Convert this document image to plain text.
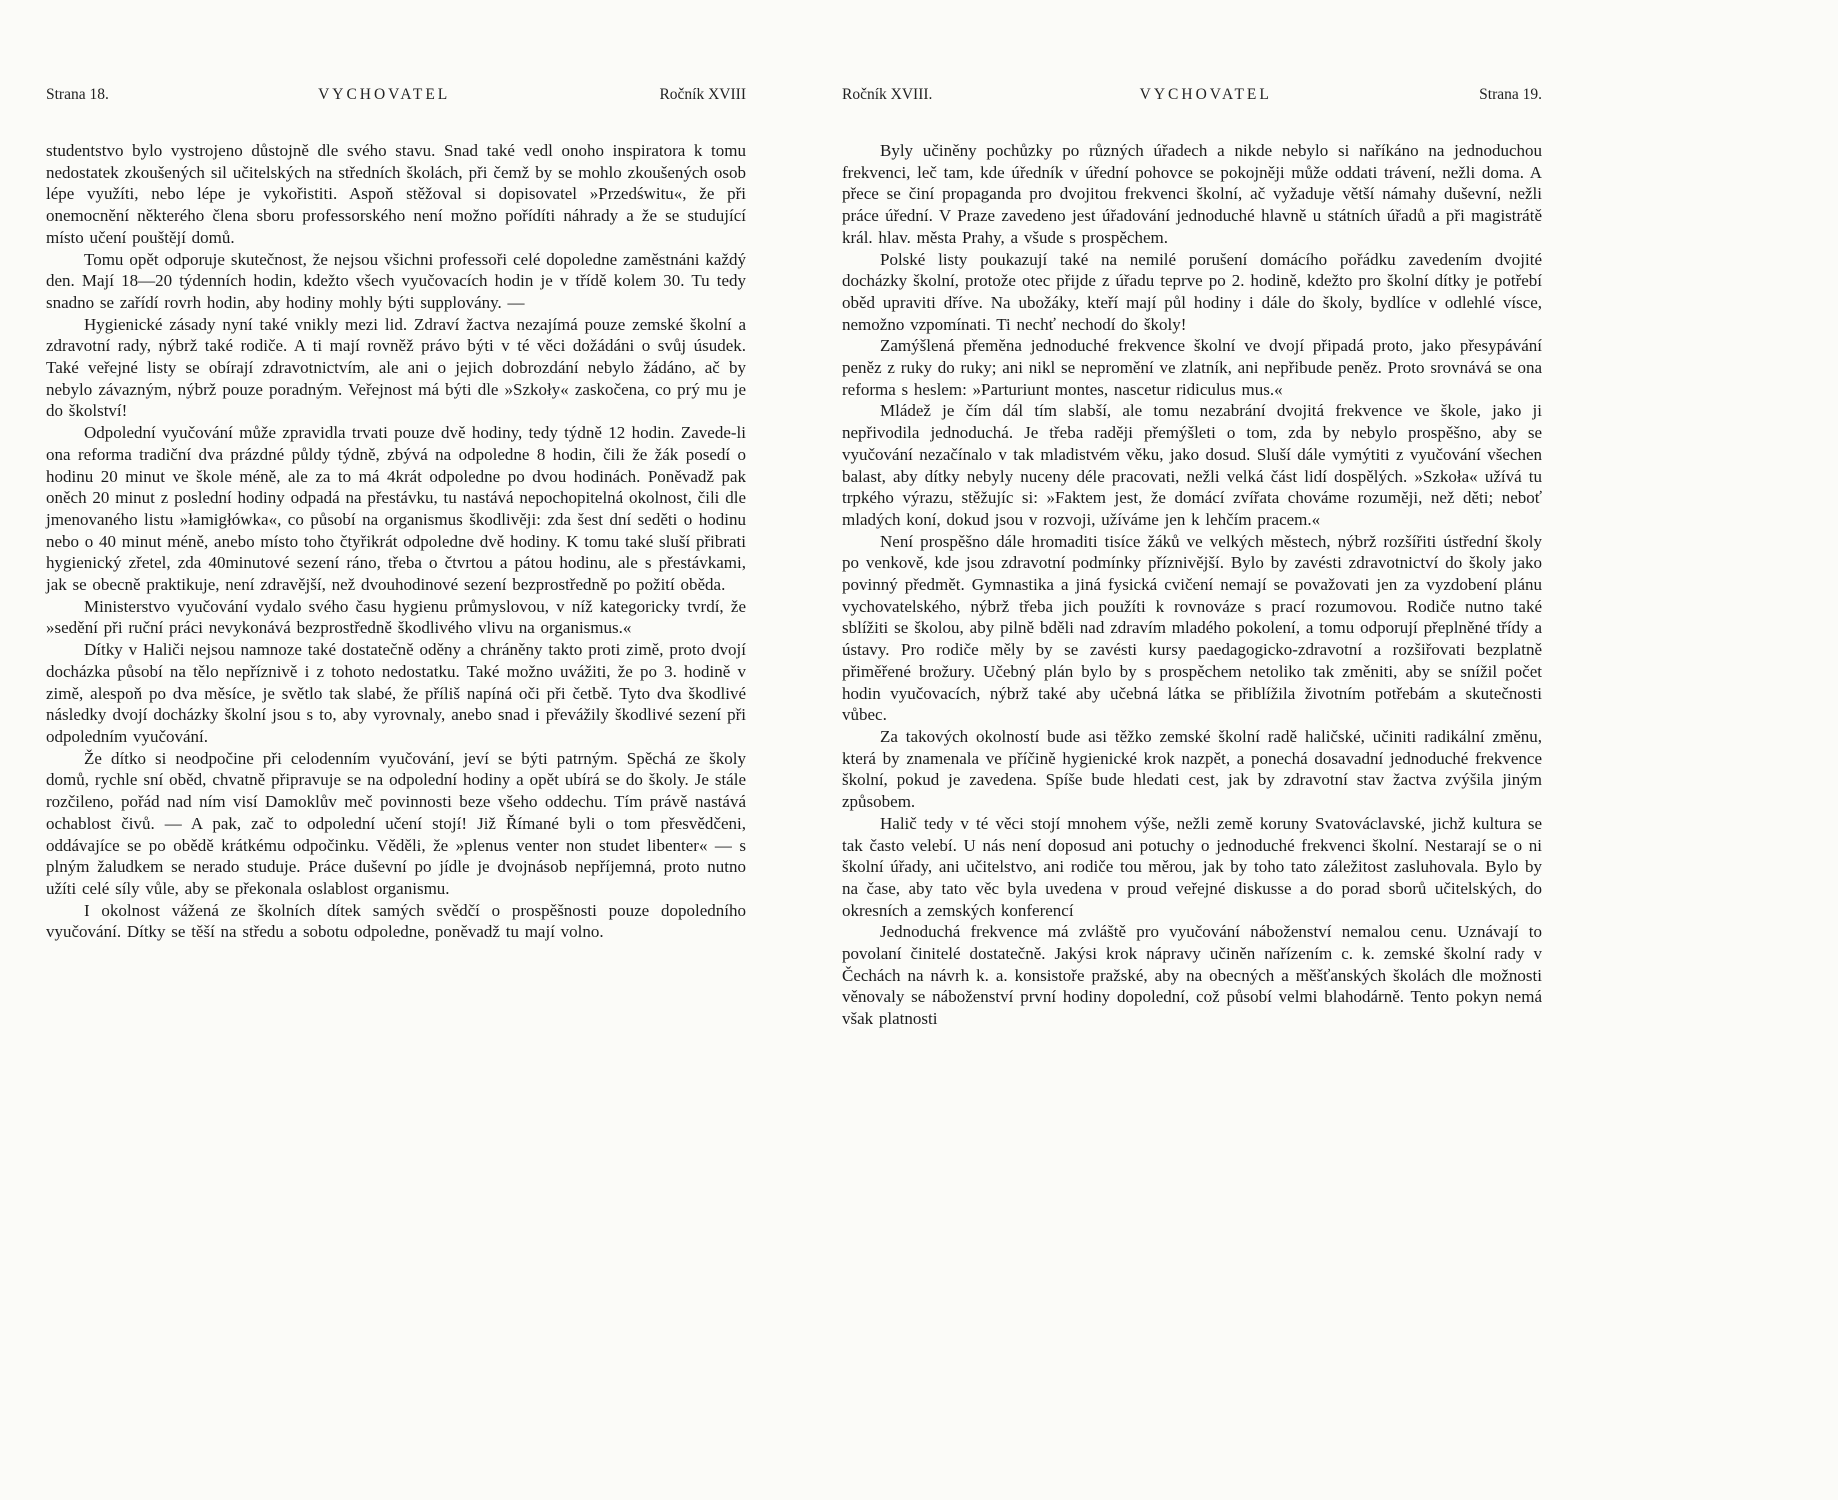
Strana 18.	VYCHOVATEL	Ročník XVIII

studentstvo bylo vystrojeno důstojně dle svého stavu. Snad také vedl onoho inspiratora k tomu nedostatek zkoušených sil učitelských na středních školách, při čemž by se mohlo zkoušených osob lépe využíti, nebo lépe je vykořistiti. Aspoň stěžoval si dopisovatel »Przedświtu«, že při onemocnění některého člena sboru professorského není možno pořídíti náhrady a že se studující místo učení pouštějí domů.

Tomu opět odporuje skutečnost, že nejsou všichni professoři celé dopoledne zaměstnáni každý den. Mají 18—20 týdenních hodin, kdežto všech vyučovacích hodin je v třídě kolem 30. Tu tedy snadno se zařídí rovrh hodin, aby hodiny mohly býti supplovány. —

Hygienické zásady nyní také vnikly mezi lid. Zdraví žactva nezajímá pouze zemské školní a zdravotní rady, nýbrž také rodiče. A ti mají rovněž právo býti v té věci dožádáni o svůj úsudek. Také veřejné listy se obírají zdravotnictvím, ale ani o jejich dobrozdání nebylo žádáno, ač by nebylo závazným, nýbrž pouze poradným. Veřejnost má býti dle »Szkoły« zaskočena, co prý mu je do školství!

Odpolední vyučování může zpravidla trvati pouze dvě hodiny, tedy týdně 12 hodin. Zavede-li ona reforma tradiční dva prázdné půldy týdně, zbývá na odpoledne 8 hodin, čili že žák posedí o hodinu 20 minut ve škole méně, ale za to má 4krát odpoledne po dvou hodinách. Poněvadž pak oněch 20 minut z poslední hodiny odpadá na přestávku, tu nastává nepochopitelná okolnost, čili dle jmenovaného listu »łamigłówka«, co působí na organismus škodlivěji: zda šest dní seděti o hodinu nebo o 40 minut méně, anebo místo toho čtyřikrát odpoledne dvě hodiny. K tomu také sluší přibrati hygienický zřetel, zda 40minutové sezení ráno, třeba o čtvrtou a pátou hodinu, ale s přestávkami, jak se obecně praktikuje, není zdravější, než dvouhodinové sezení bezprostředně po požití oběda.

Ministerstvo vyučování vydalo svého času hygienu průmyslovou, v níž kategoricky tvrdí, že »sedění při ruční práci nevykonává bezprostředně škodlivého vlivu na organismus.«

Dítky v Haliči nejsou namnoze také dostatečně oděny a chráněny takto proti zimě, proto dvojí docházka působí na tělo nepříznivě i z tohoto nedostatku. Také možno uvážiti, že po 3. hodině v zimě, alespoň po dva měsíce, je světlo tak slabé, že příliš napíná oči při četbě. Tyto dva škodlivé následky dvojí docházky školní jsou s to, aby vyrovnaly, anebo snad i převážily škodlivé sezení při odpoledním vyučování.

Že dítko si neodpočine při celodenním vyučování, jeví se býti patrným. Spěchá ze školy domů, rychle sní oběd, chvatně připravuje se na odpolední hodiny a opět ubírá se do školy. Je stále rozčileno, pořád nad ním visí Damoklův meč povinnosti beze všeho oddechu. Tím právě nastává ochablost čivů. — A pak, zač to odpolední učení stojí! Již Římané byli o tom přesvědčeni, oddávajíce se po obědě krátkému odpočinku. Věděli, že »plenus venter non studet libenter« — s plným žaludkem se nerado studuje. Práce duševní po jídle je dvojnásob nepříjemná, proto nutno užíti celé síly vůle, aby se překonala oslablost organismu.

I okolnost vážená ze školních dítek samých svědčí o prospěšnosti pouze dopoledního vyučování. Dítky se těší na středu a sobotu odpoledne, poněvadž tu mají volno.

Ročník XVIII.	VYCHOVATEL	Strana 19.

Byly učiněny pochůzky po různých úřadech a nikde nebylo si naříkáno na jednoduchou frekvenci, leč tam, kde úředník v úřední pohovce se pokojněji může oddati trávení, nežli doma. A přece se činí propaganda pro dvojitou frekvenci školní, ač vyžaduje větší námahy duševní, nežli práce úřední. V Praze zavedeno jest úřadování jednoduché hlavně u státních úřadů a při magistrátě král. hlav. města Prahy, a všude s prospěchem.

Polské listy poukazují také na nemilé porušení domácího pořádku zavedením dvojité docházky školní, protože otec přijde z úřadu teprve po 2. hodině, kdežto pro školní dítky je potřebí oběd upraviti dříve. Na ubožáky, kteří mají půl hodiny i dále do školy, bydlíce v odlehlé vísce, nemožno vzpomínati. Ti nechť nechodí do školy!

Zamýšlená přeměna jednoduché frekvence školní ve dvojí připadá proto, jako přesypávání peněz z ruky do ruky; ani nikl se nepromění ve zlatník, ani nepřibude peněz. Proto srovnává se ona reforma s heslem: »Parturiunt montes, nascetur ridiculus mus.«

Mládež je čím dál tím slabší, ale tomu nezabrání dvojitá frekvence ve škole, jako ji nepřivodila jednoduchá. Je třeba raději přemýšleti o tom, zda by nebylo prospěšno, aby se vyučování nezačínalo v tak mladistvém věku, jako dosud. Sluší dále vymýtiti z vyučování všechen balast, aby dítky nebyly nuceny déle pracovati, nežli velká část lidí dospělých. »Szkoła« užívá tu trpkého výrazu, stěžujíc si: »Faktem jest, že domácí zvířata chováme rozuměji, než děti; neboť mladých koní, dokud jsou v rozvoji, užíváme jen k lehčím pracem.«

Není prospěšno dále hromaditi tisíce žáků ve velkých městech, nýbrž rozšířiti ústřední školy po venkově, kde jsou zdravotní podmínky příznivější. Bylo by zavésti zdravotnictví do školy jako povinný předmět. Gymnastika a jiná fysická cvičení nemají se považovati jen za vyzdobení plánu vychovatelského, nýbrž třeba jich použíti k rovnováze s prací rozumovou. Rodiče nutno také sblížiti se školou, aby pilně bděli nad zdravím mladého pokolení, a tomu odporují přeplněné třídy a ústavy. Pro rodiče měly by se zavésti kursy paedagogicko-zdravotní a rozšiřovati bezplatně přiměřené brožury. Učebný plán bylo by s prospěchem netoliko tak změniti, aby se snížil počet hodin vyučovacích, nýbrž také aby učebná látka se přiblížila životním potřebám a skutečnosti vůbec.

Za takových okolností bude asi těžko zemské školní radě haličské, učiniti radikální změnu, která by znamenala ve příčině hygienické krok nazpět, a ponechá dosavadní jednoduché frekvence školní, pokud je zavedena. Spíše bude hledati cest, jak by zdravotní stav žactva zvýšila jiným způsobem.

Halič tedy v té věci stojí mnohem výše, nežli země koruny Svatováclavské, jichž kultura se tak často velebí. U nás není doposud ani potuchy o jednoduché frekvenci školní. Nestarají se o ni školní úřady, ani učitelstvo, ani rodiče tou měrou, jak by toho tato záležitost zasluhovala. Bylo by na čase, aby tato věc byla uvedena v proud veřejné diskusse a do porad sborů učitelských, do okresních a zemských konferencí

Jednoduchá frekvence má zvláště pro vyučování náboženství nemalou cenu. Uznávají to povolaní činitelé dostatečně. Jakýsi krok nápravy učiněn nařízením c. k. zemské školní rady v Čechách na návrh k. a. konsistoře pražské, aby na obecných a měšťanských školách dle možnosti věnovaly se náboženství první hodiny dopolední, což působí velmi blahodárně. Tento pokyn nemá však platnosti
